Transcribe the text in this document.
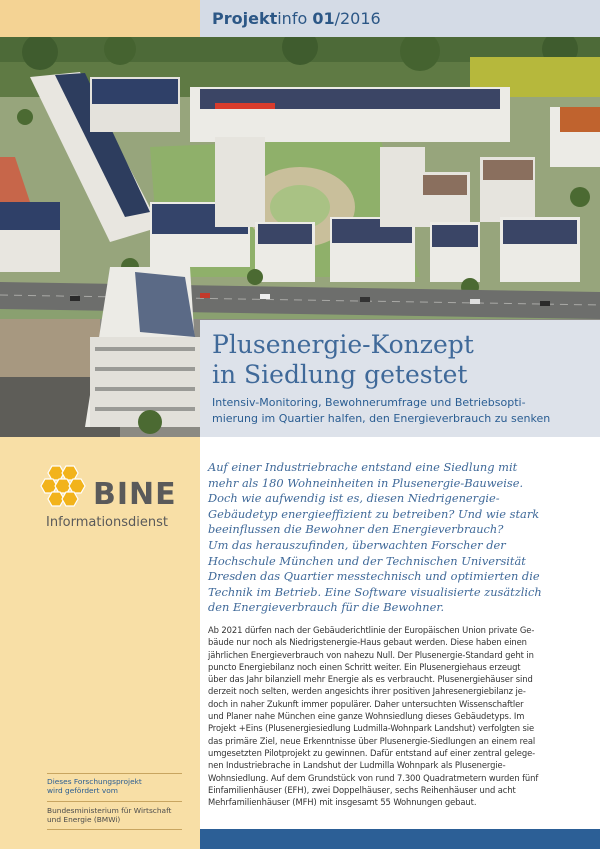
Projektinfo 01/2016
Plusenergie-Konzept
in Siedlung getestet
Intensiv-Monitoring, Bewohnerumfrage und Betriebsopti-
mierung im Quartier halfen, den Energieverbrauch zu senken
BINE
Informationsdienst
Auf einer Industriebrache entstand eine Siedlung mit
mehr als 180 Wohneinheiten in Plusenergie-Bauweise.
Doch wie aufwendig ist es, diesen Niedrigenergie-
Gebäudetyp energieeffizient zu betreiben? Und wie stark
beeinflussen die Bewohner den Energieverbrauch?
Um das herauszufinden, überwachten Forscher der
Hochschule München und der Technischen Universität
Dresden das Quartier messtechnisch und optimierten die
Technik im Betrieb. Eine Software visualisierte zusätzlich
den Energieverbrauch für die Bewohner.
Ab 2021 dürfen nach der Gebäuderichtlinie der Europäischen Union private Ge-
bäude nur noch als Niedrigstenergie-Haus gebaut werden. Diese haben einen
jährlichen Energieverbrauch von nahezu Null. Der Plusenergie-Standard geht in
puncto Energiebilanz noch einen Schritt weiter. Ein Plusenergiehaus erzeugt
über das Jahr bilanziell mehr Energie als es verbraucht. Plusenergiehäuser sind
derzeit noch selten, werden angesichts ihrer positiven Jahresenergiebilanz je-
doch in naher Zukunft immer populärer. Daher untersuchten Wissenschaftler
und Planer nahe München eine ganze Wohnsiedlung dieses Gebäudetyps. Im
Projekt +Eins (Plusenergiesiedlung Ludmilla-Wohnpark Landshut) verfolgten sie
das primäre Ziel, neue Erkenntnisse über Plusenergie-Siedlungen an einem real
umgesetzten Pilotprojekt zu gewinnen. Dafür entstand auf einer zentral gelege-
nen Industriebrache in Landshut der Ludmilla Wohnpark als Plusenergie-
Wohnsiedlung. Auf dem Grundstück von rund 7.300 Quadratmetern wurden fünf
Einfamilienhäuser (EFH), zwei Doppelhäuser, sechs Reihenhäuser und acht
Mehrfamilienhäuser (MFH) mit insgesamt 55 Wohnungen gebaut.
Dieses Forschungsprojekt
wird gefördert vom
Bundesministerium für Wirtschaft
und Energie (BMWi)
